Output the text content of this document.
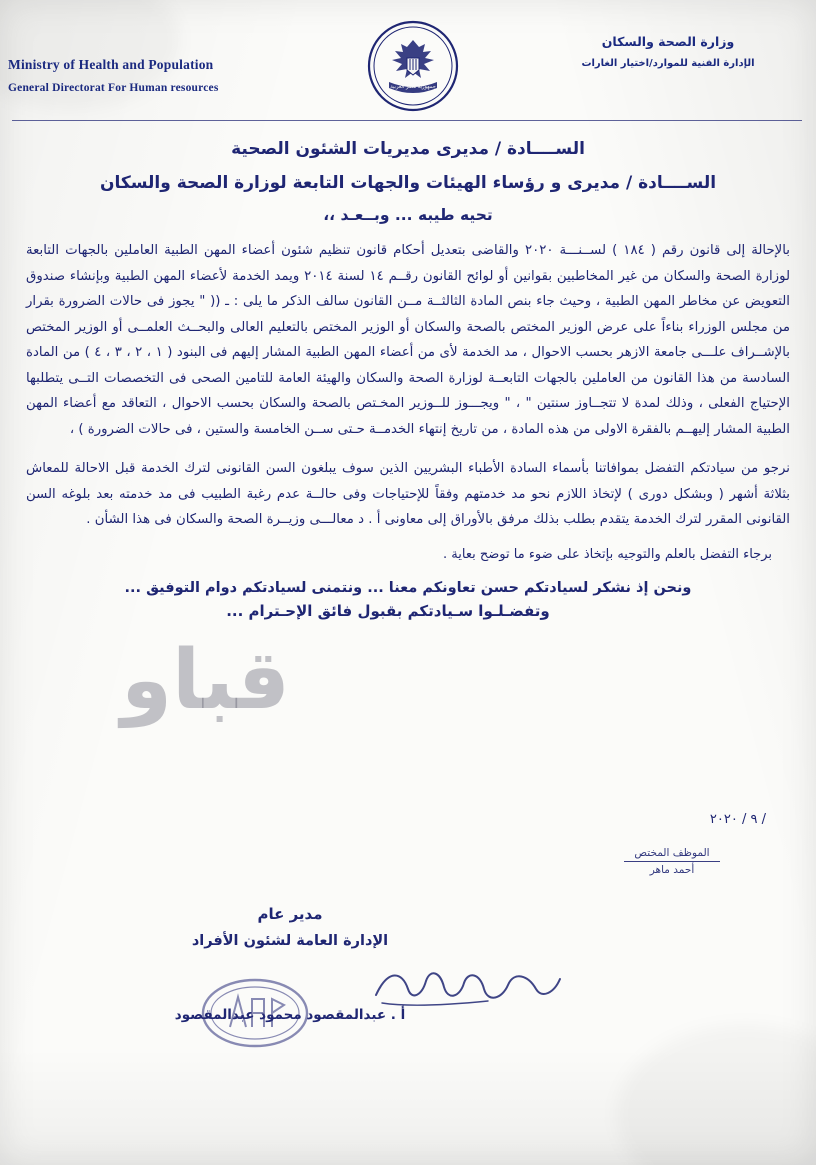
Ministry of Health and Population
General Directorat For Human resources	جمهورية مصر العربية
وزارة الصحة والسكان
الإدارة الفنية للموارد/اختيار الغارات
الســــادة / مديرى مديريات الشئون الصحية
الســــادة / مديرى و رؤساء الهيئات والجهات التابعة لوزارة الصحة والسكان
تحيه طيبه ... وبــعـد ،،
بالإحالة إلى قانون رقم ( ١٨٤ ) لســنـــة ٢٠٢٠ والقاضى بتعديل أحكام قانون تنظيم شئون أعضاء المهن الطبية العاملين بالجهات التابعة لوزارة الصحة والسكان من غير المخاطبين بقوانين أو لوائح القانون رقــم ١٤ لسنة ٢٠١٤ ويمد الخدمة لأعضاء المهن الطبية وبإنشاء صندوق التعويض عن مخاطر المهن الطبية ، وحيث جاء بنص المادة الثالثــة مــن القانون سالف الذكر ما يلى : ـ (( " يجوز فى حالات الضرورة بقرار من مجلس الوزراء بناءاً على عرض الوزير المختص بالصحة والسكان أو الوزير المختص بالتعليم العالى والبحــث العلمــى أو الوزير المختص بالإشــراف علـــى جامعة الازهر بحسب الاحوال ، مد الخدمة لأى من أعضاء المهن الطبية المشار إليهم فى البنود ( ١ ، ٢ ، ٣ ، ٤ ) من المادة السادسة من هذا القانون من العاملين بالجهات التابعــة لوزارة الصحة والسكان والهيئة العامة للتامين الصحى فى التخصصات التــى يتطلبها الإحتياج الفعلى ، وذلك لمدة لا تتجــاوز سنتين " ، " ويجـــوز للــوزير المخـتص بالصحة والسكان بحسب الاحوال ، التعاقد مع أعضاء المهن الطبية المشار إليهــم بالفقرة الاولى من هذه المادة ، من تاريخ إنتهاء الخدمــة حـتى ســن الخامسة والستين ، فى حالات الضرورة ) ،
نرجو من سيادتكم التفضل بموافاتنا بأسماء السادة الأطباء البشريين الذين سوف يبلغون السن القانونى لترك الخدمة قبل الاحالة للمعاش بثلاثة أشهر ( وبشكل دورى ) لإتخاذ اللازم نحو مد خدمتهم وفقاً للإحتياجات وفى حالــة عدم رغبة الطبيب فى مد خدمته بعد بلوغه السن القانونى المقرر لترك الخدمة يتقدم بطلب بذلك مرفق بالأوراق إلى معاونى أ . د معالـــى وزيــرة الصحة والسكان فى هذا الشأن .
برجاء التفضل بالعلم والتوجيه بإتخاذ على ضوء ما توضح بعاية .
ونحن إذ نشكر لسيادتكم حسن تعاونكم معنا ... ونتمنى لسيادتكم دوام التوفيق ...
وتفضـلـوا سـيادتكم بقبول فائق الإحـترام ...
/ ٩ / ٢٠٢٠
الموظف المختص
أحمد ماهر
مدير عام
الإدارة العامة لشئون الأفراد
أ . عبدالمقصود محمود عبدالمقصود
قباو
